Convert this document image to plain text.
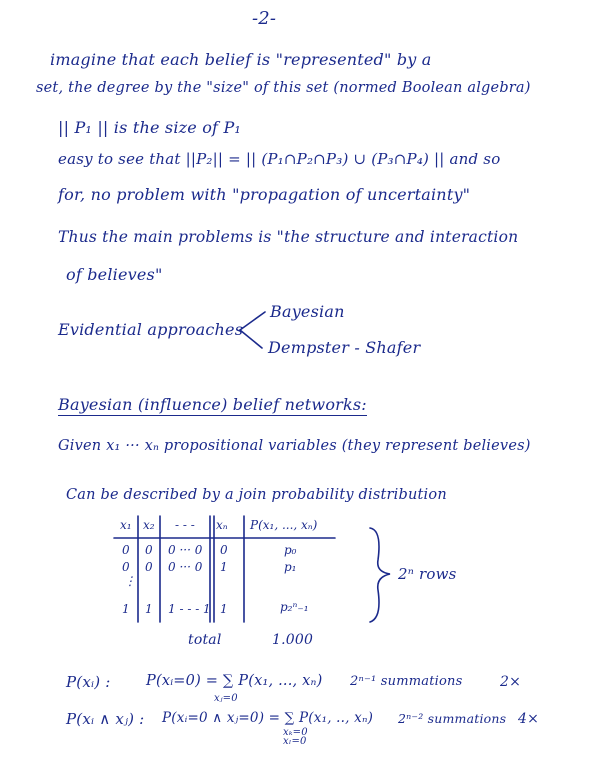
-2-
imagine that each belief is "represented" by a
set, the degree by the "size" of this set (normed Boolean algebra)
|| P₁ || is the size of P₁
easy to see that ||P₂|| = || (P₁∩P₂∩P₃) ∪ (P₃∩P₄) || and so
for, no problem with "propagation of uncertainty"
Thus the main problems is "the structure and interaction
of believes"
Evidential approaches
Bayesian
Dempster - Shafer
Bayesian (influence) belief networks:
Given x₁ ··· xₙ propositional variables (they represent believes)
Can be described by a join probability distribution
x₁ x₂ - - - xₙ P(x₁, ..., xₙ)
0 0 0 ··· 0 0	p₀
0 0 0 ··· 0 1	p₁
⋮
1 1 1 - - - 1 1	p₂ⁿ₋₁
2ⁿ rows
total	1.000
P(xᵢ) : P(xᵢ=0) = ∑ P(x₁, ..., xₙ)
xⱼ=0
2ⁿ⁻¹ summations	2×
P(xᵢ ∧ xⱼ) : P(xᵢ=0 ∧ xⱼ=0) = ∑ P(x₁, .., xₙ)
xₖ=0
xₗ=0
2ⁿ⁻² summations 4×
